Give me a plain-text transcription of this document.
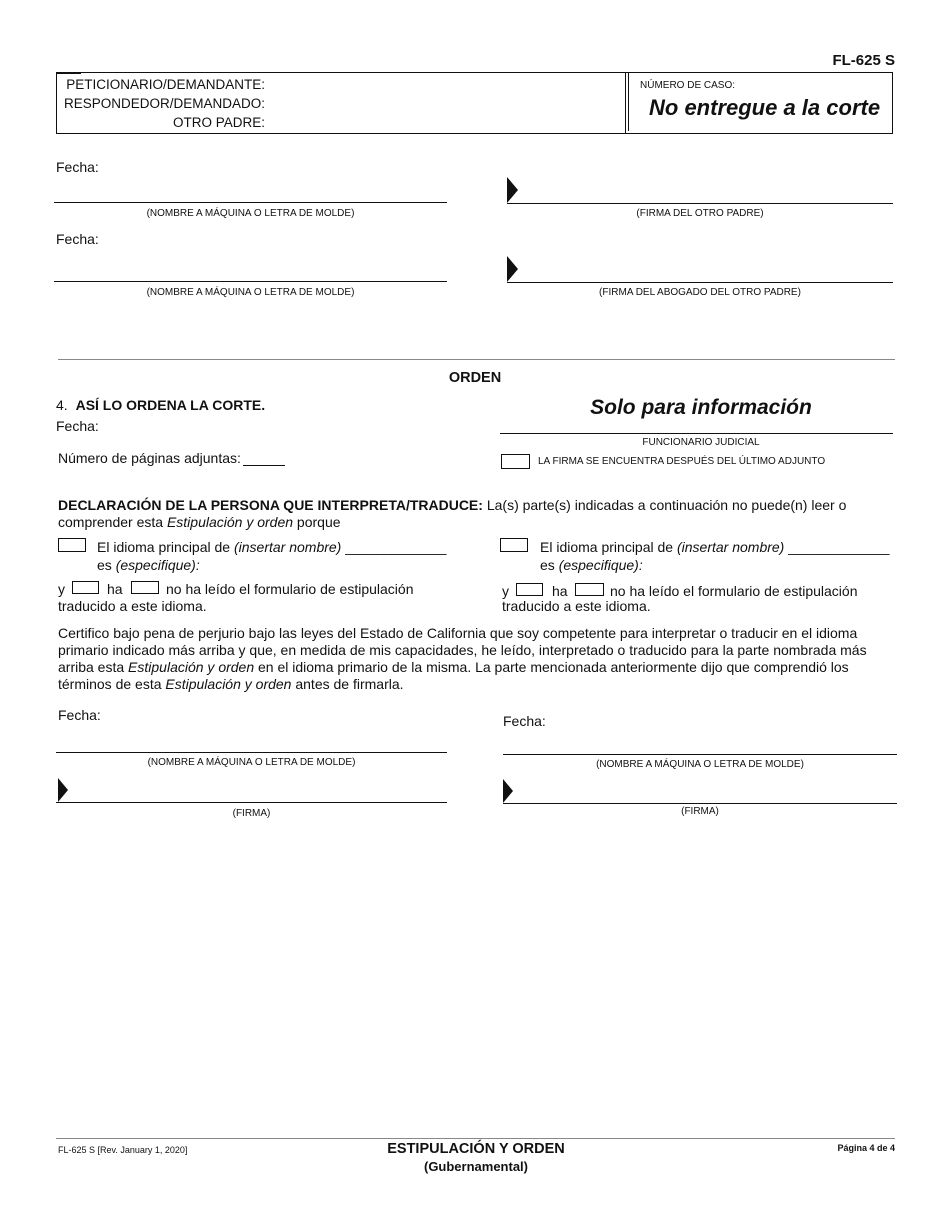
FL-625 S
PETICIONARIO/DEMANDANTE:
RESPONDEDOR/DEMANDADO:
OTRO PADRE:
NÚMERO DE CASO:
No entregue a la corte
Fecha:
(NOMBRE A MÁQUINA O LETRA DE MOLDE)	(FIRMA DEL OTRO PADRE)
Fecha:
(NOMBRE A MÁQUINA O LETRA DE MOLDE)	(FIRMA DEL ABOGADO DEL OTRO PADRE)
ORDEN
4. ASÍ LO ORDENA LA CORTE.
Fecha:
Número de páginas adjuntas:
Solo para información
FUNCIONARIO JUDICIAL
LA FIRMA SE ENCUENTRA DESPUÉS DEL ÚLTIMO ADJUNTO
DECLARACIÓN DE LA PERSONA QUE INTERPRETA/TRADUCE: La(s) parte(s) indicadas a continuación no puede(n) leer o
comprender esta Estipulación y orden porque
El idioma principal de (insertar nombre) _____________
es (especifique):
y	ha	no ha leído el formulario de estipulación
traducido a este idioma.
El idioma principal de (insertar nombre) _____________
es (especifique):
y	ha	no ha leído el formulario de estipulación
traducido a este idioma.
Certifico bajo pena de perjurio bajo las leyes del Estado de California que soy competente para interpretar o traducir en el idioma
primario indicado más arriba y que, en medida de mis capacidades, he leído, interpretado o traducido para la parte nombrada más
arriba esta Estipulación y orden en el idioma primario de la misma. La parte mencionada anteriormente dijo que comprendió los
términos de esta Estipulación y orden antes de firmarla.
Fecha:
(NOMBRE A MÁQUINA O LETRA DE MOLDE)
(FIRMA)
Fecha:
(NOMBRE A MÁQUINA O LETRA DE MOLDE)
(FIRMA)
FL-625 S [Rev. January 1, 2020]	ESTIPULACIÓN Y ORDEN
(Gubernamental)
Página 4 de 4
